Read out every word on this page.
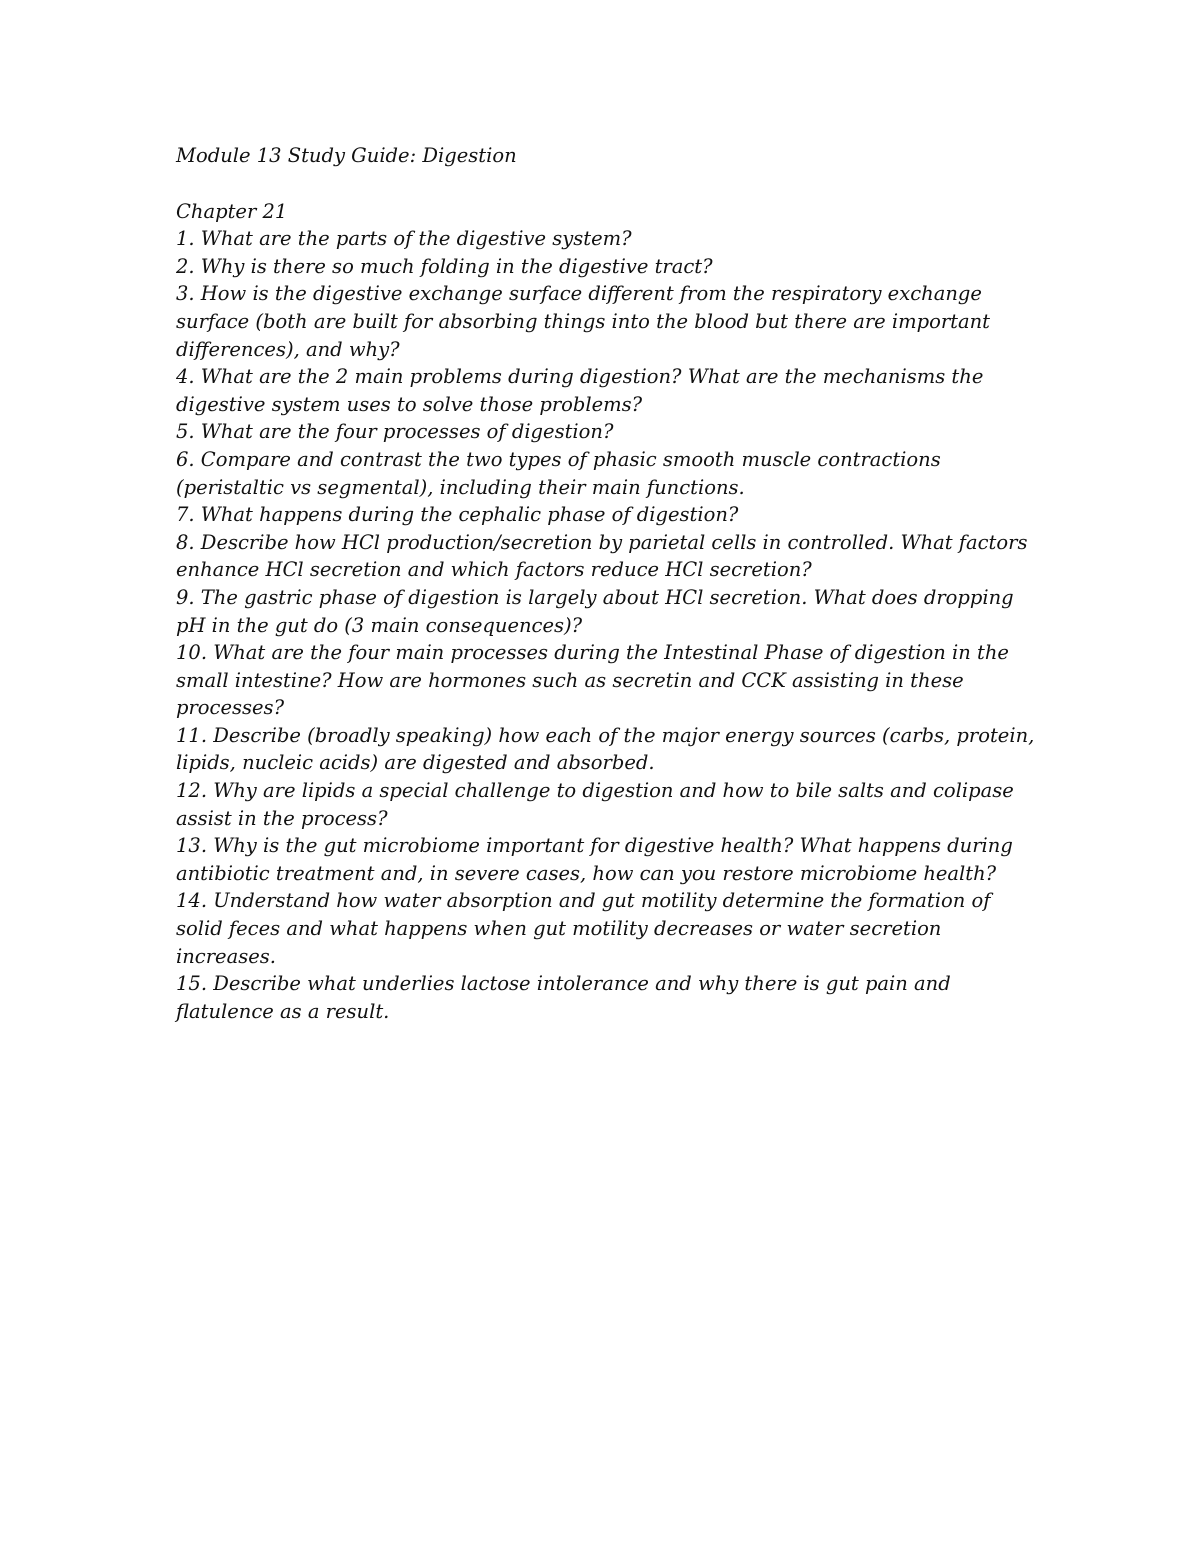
Module 13 Study Guide: Digestion
Chapter 21
1. What are the parts of the digestive system?
2. Why is there so much folding in the digestive tract?
3. How is the digestive exchange surface different from the respiratory exchange surface (both are built for absorbing things into the blood but there are important differences), and why?
4. What are the 2 main problems during digestion? What are the mechanisms the digestive system uses to solve those problems?
5. What are the four processes of digestion?
6. Compare and contrast the two types of phasic smooth muscle contractions (peristaltic vs segmental), including their main functions.
7. What happens during the cephalic phase of digestion?
8. Describe how HCl production/secretion by parietal cells in controlled. What factors enhance HCl secretion and which factors reduce HCl secretion?
9. The gastric phase of digestion is largely about HCl secretion. What does dropping pH in the gut do (3 main consequences)?
10. What are the four main processes during the Intestinal Phase of digestion in the small intestine? How are hormones such as secretin and CCK assisting in these processes?
11. Describe (broadly speaking) how each of the major energy sources (carbs, protein, lipids, nucleic acids) are digested and absorbed.
12. Why are lipids a special challenge to digestion and how to bile salts and colipase assist in the process?
13. Why is the gut microbiome important for digestive health? What happens during antibiotic treatment and, in severe cases, how can you restore microbiome health?
14. Understand how water absorption and gut motility determine the formation of solid feces and what happens when gut motility decreases or water secretion increases.
15. Describe what underlies lactose intolerance and why there is gut pain and flatulence as a result.
